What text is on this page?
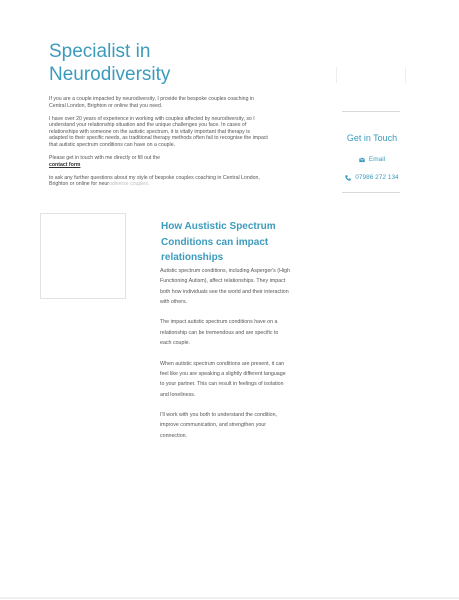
Specialist in Neurodiversity

If you are a couple impacted by neurodiversity, I provide the bespoke couples coaching in Central London, Brighton or online that you need.

I have over 20 years of experience in working with couples affected by neurodiversity, so I understand your relationship situation and the unique challenges you face. In cases of relationships with someone on the autistic spectrum, it is vitally important that therapy is adapted to their specific needs, as traditional therapy methods often fail to recognise the impact that autistic spectrum conditions can have on a couple.

Please get in touch with me directly or fill out the
contact form

to ask any further questions about my style of bespoke couples coaching in Central London, Brighton or online for neurodiverse couples.

How Austistic Spectrum Conditions can impact relationships

Autistic spectrum conditions, including Asperger's (High Functioning Autism), affect relationships. They impact both how individuals see the world and their interaction with others.

The impact autistic spectrum conditions have on a relationship can be tremendous and are specific to each couple.

When autistic spectrum conditions are present, it can feel like you are speaking a slightly different language to your partner. This can result in feelings of isolation and loneliness.

I'll work with you both to understand the condition, improve communication, and strengthen your connection.

Get in Touch
Email
07986 272 134
